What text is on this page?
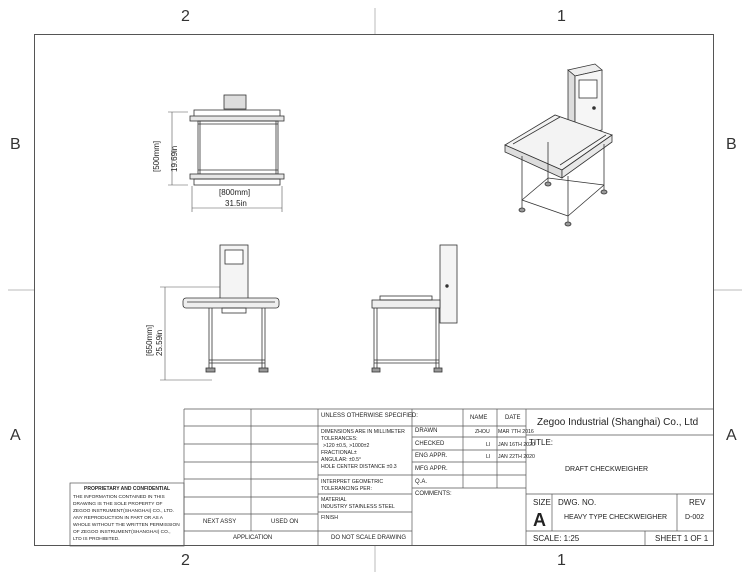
2	1
2	1
B
A
B
A
[500mm] 19.69in
[800mm]
31.5in
[650mm] 25.59in
NEXT ASSY	USED ON
APPLICATION
UNLESS OTHERWISE SPECIFIED:
DIMENSIONS ARE IN MILLIMETER
TOLERANCES:
>120 ±0.5, >1000±2
FRACTIONAL±
ANGULAR: ±0.5°
HOLE CENTER DISTANCE ±0.3
INTERPRET GEOMETRIC
TOLERANCING PER:
MATERIAL
INDUSTRY STAINLESS STEEL
FINISH
DO NOT SCALE DRAWING
NAME	DATE
DRAWN	ZHOU MAR 7TH 2016
CHECKED	LI JAN 16TH 2020
ENG APPR.	LI JAN 22TH 2020
MFG APPR.
Q.A.
COMMENTS:
Zegoo Industrial (Shanghai) Co., Ltd
TITLE:
DRAFT CHECKWEIGHER
SIZE
A
DWG. NO.
HEAVY TYPE CHECKWEIGHER
REV
D-002
SCALE: 1:25	SHEET 1 OF 1
PROPRIETARY AND CONFIDENTIAL
THE INFORMATION CONTAINED IN THIS
DRAWING IS THE SOLE PROPERTY OF
ZEGOO INSTRUMENT(SHANGHAI) CO., LTD.
ANY REPRODUCTION IN PART OR AS A
WHOLE WITHOUT THE WRITTEN PERMISSION
OF ZEGOO INSTRUMENT(SHANGHAI) CO.,
LTD IS PROHIBITED.
